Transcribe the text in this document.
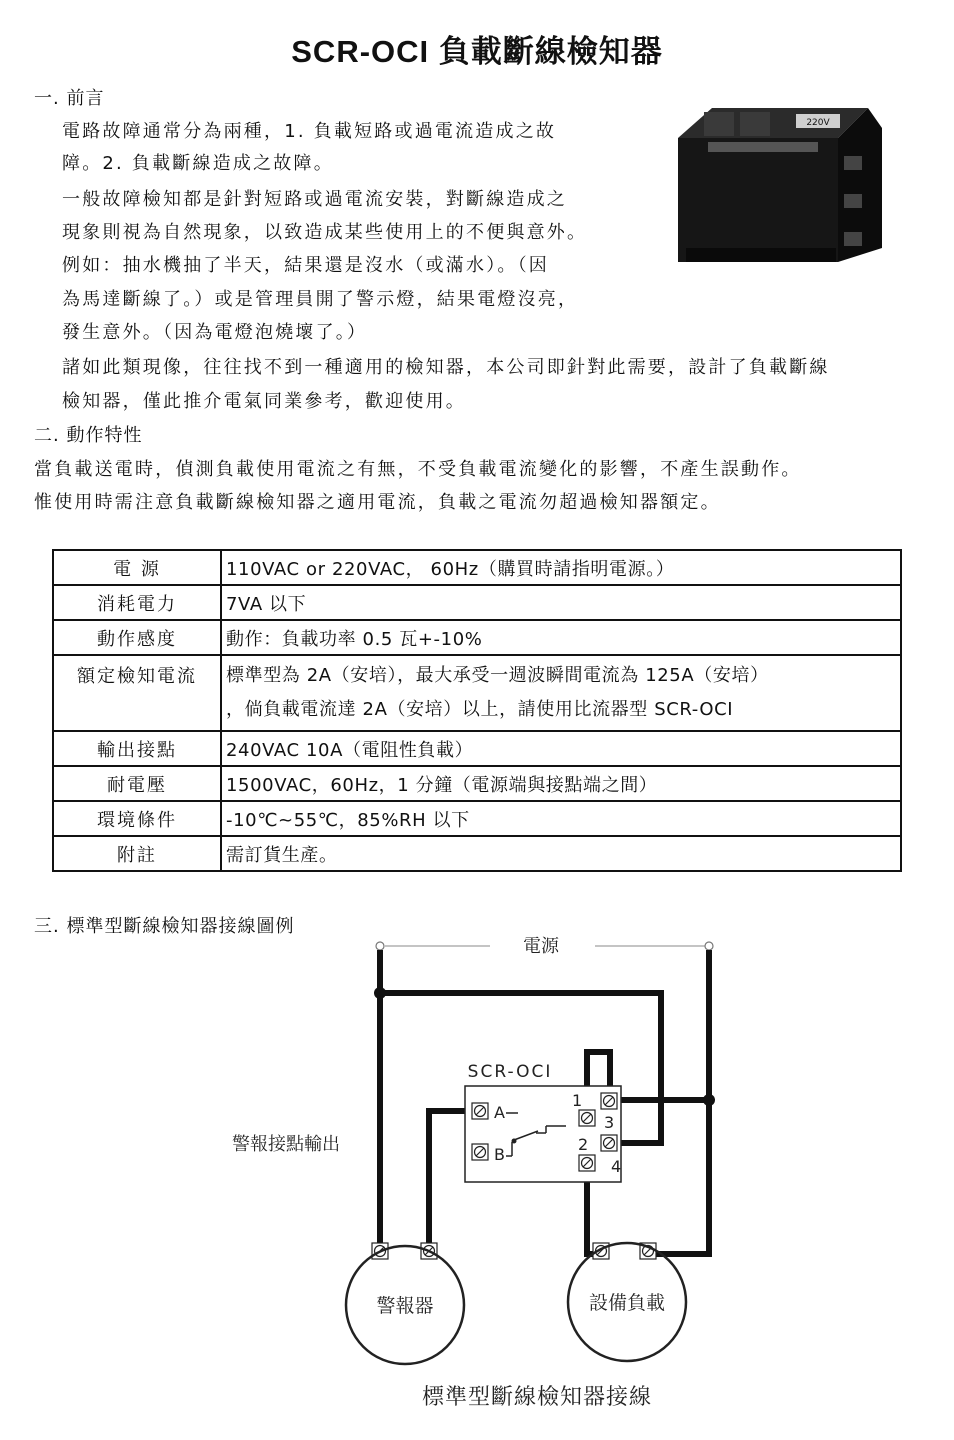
SCR-OCI 負載斷線檢知器
一. 前言
電路故障通常分為兩種，1. 負載短路或過電流造成之故
障。2. 負載斷線造成之故障。
一般故障檢知都是針對短路或過電流安裝，對斷線造成之
現象則視為自然現象，以致造成某些使用上的不便與意外。
例如：抽水機抽了半天，結果還是沒水（或滿水）。（因
為馬達斷線了。）或是管理員開了警示燈，結果電燈沒亮，
發生意外。（因為電燈泡燒壞了。）
諸如此類現像，往往找不到一種適用的檢知器，本公司即針對此需要，設計了負載斷線
檢知器，僅此推介電氣同業參考，歡迎使用。
220V
二. 動作特性
當負載送電時，偵測負載使用電流之有無，不受負載電流變化的影響，不產生誤動作。
惟使用時需注意負載斷線檢知器之適用電流，負載之電流勿超過檢知器額定。
電 源	110VAC or 220VAC， 60Hz（購買時請指明電源。）
消耗電力	7VA 以下
動作感度	動作：負載功率 0.5 瓦+-10%
額定檢知電流	標準型為 2A（安培），最大承受一週波瞬間電流為 125A（安培）
，倘負載電流達 2A（安培）以上，請使用比流器型 SCR-OCI

輸出接點	240VAC 10A（電阻性負載）
耐電壓	1500VAC，60Hz，1 分鐘（電源端與接點端之間）
環境條件	-10℃~55℃，85%RH 以下
附註	需訂貨生產。
三. 標準型斷線檢知器接線圖例
電源
SCR-OCI
A
B
1
2
3
4
警報接點輸出
警報器	設備負載
標準型斷線檢知器接線
